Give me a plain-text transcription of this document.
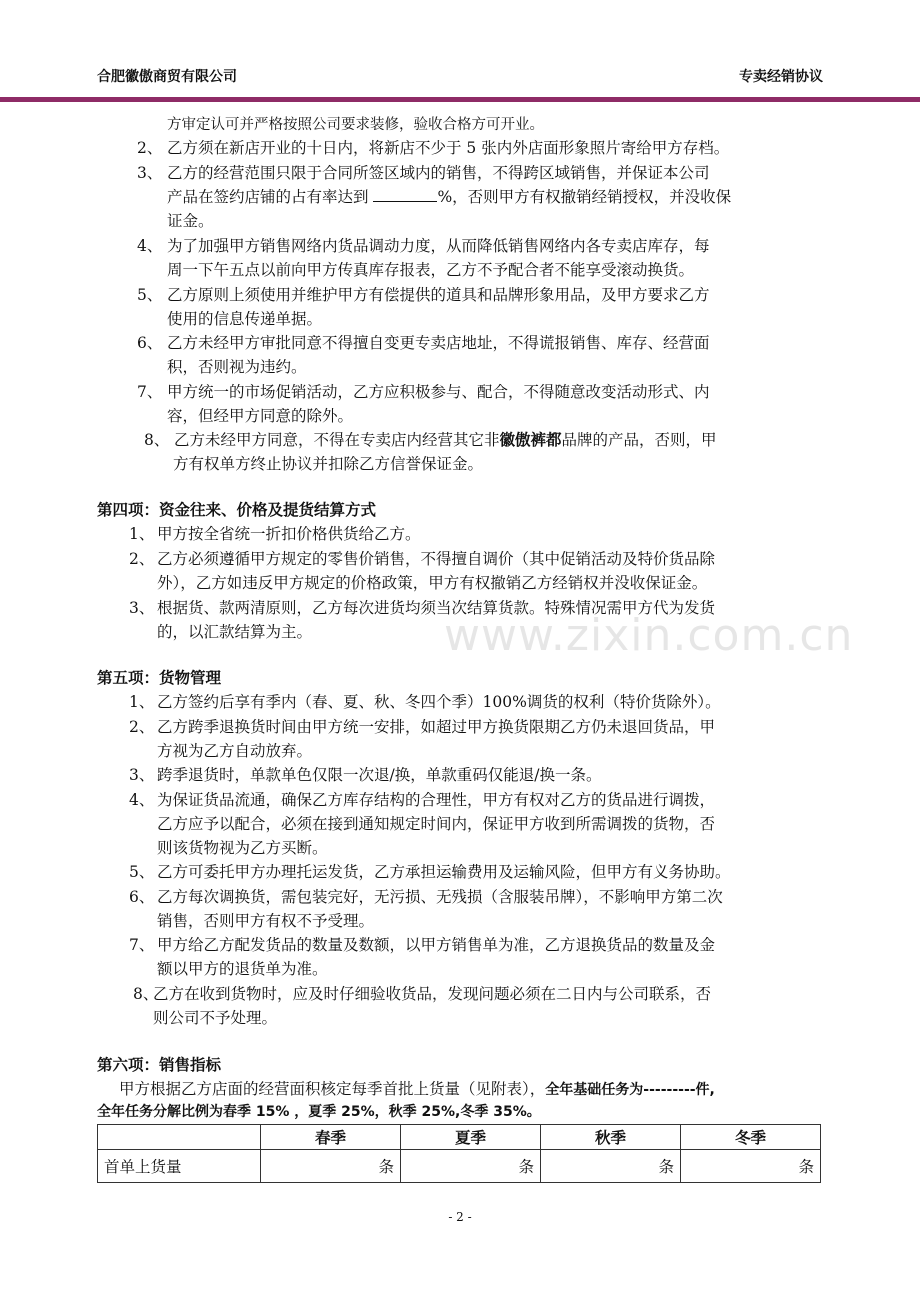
合肥徽傲商贸有限公司	专卖经销协议
方审定认可并严格按照公司要求装修，验收合格方可开业。
2、 乙方须在新店开业的十日内，将新店不少于 5 张内外店面形象照片寄给甲方存档。
3、 乙方的经营范围只限于合同所签区域内的销售，不得跨区域销售，并保证本公司
产品在签约店铺的占有率达到	%，否则甲方有权撤销经销授权，并没收保
证金。
4、 为了加强甲方销售网络内货品调动力度，从而降低销售网络内各专卖店库存，每
周一下午五点以前向甲方传真库存报表，乙方不予配合者不能享受滚动换货。
5、 乙方原则上须使用并维护甲方有偿提供的道具和品牌形象用品，及甲方要求乙方
使用的信息传递单据。
6、 乙方未经甲方审批同意不得擅自变更专卖店地址，不得谎报销售、库存、经营面
积，否则视为违约。
7、 甲方统一的市场促销活动，乙方应积极参与、配合，不得随意改变活动形式、内
容，但经甲方同意的除外。
8、 乙方未经甲方同意，不得在专卖店内经营其它非徽傲裤都品牌的产品，否则，甲
方有权单方终止协议并扣除乙方信誉保证金。
第四项：资金往来、价格及提货结算方式
1、 甲方按全省统一折扣价格供货给乙方。
2、 乙方必须遵循甲方规定的零售价销售，不得擅自调价（其中促销活动及特价货品除
外），乙方如违反甲方规定的价格政策，甲方有权撤销乙方经销权并没收保证金。
3、 根据货、款两清原则，乙方每次进货均须当次结算货款。特殊情况需甲方代为发货
的，以汇款结算为主。	www.zixin.com.cn
第五项：货物管理
1、 乙方签约后享有季内（春、夏、秋、冬四个季）100%调货的权利（特价货除外）。
2、 乙方跨季退换货时间由甲方统一安排，如超过甲方换货限期乙方仍未退回货品，甲
方视为乙方自动放弃。
3、 跨季退货时，单款单色仅限一次退/换，单款重码仅能退/换一条。
4、 为保证货品流通，确保乙方库存结构的合理性，甲方有权对乙方的货品进行调拨，
乙方应予以配合，必须在接到通知规定时间内，保证甲方收到所需调拨的货物，否
则该货物视为乙方买断。
5、 乙方可委托甲方办理托运发货，乙方承担运输费用及运输风险，但甲方有义务协助。
6、 乙方每次调换货，需包装完好，无污损、无残损（含服装吊牌），不影响甲方第二次
销售，否则甲方有权不予受理。
7、 甲方给乙方配发货品的数量及数额，以甲方销售单为准，乙方退换货品的数量及金
额以甲方的退货单为准。
8、乙方在收到货物时，应及时仔细验收货品，发现问题必须在二日内与公司联系，否
则公司不予处理。
第六项：销售指标
甲方根据乙方店面的经营面积核定每季首批上货量（见附表），全年基础任务为---------件,
全年任务分解比例为春季 15% ，夏季 25%，秋季 25%,冬季 35%。
	春季	夏季	秋季	冬季
首单上货量	条	条	条	条
- 2 -
